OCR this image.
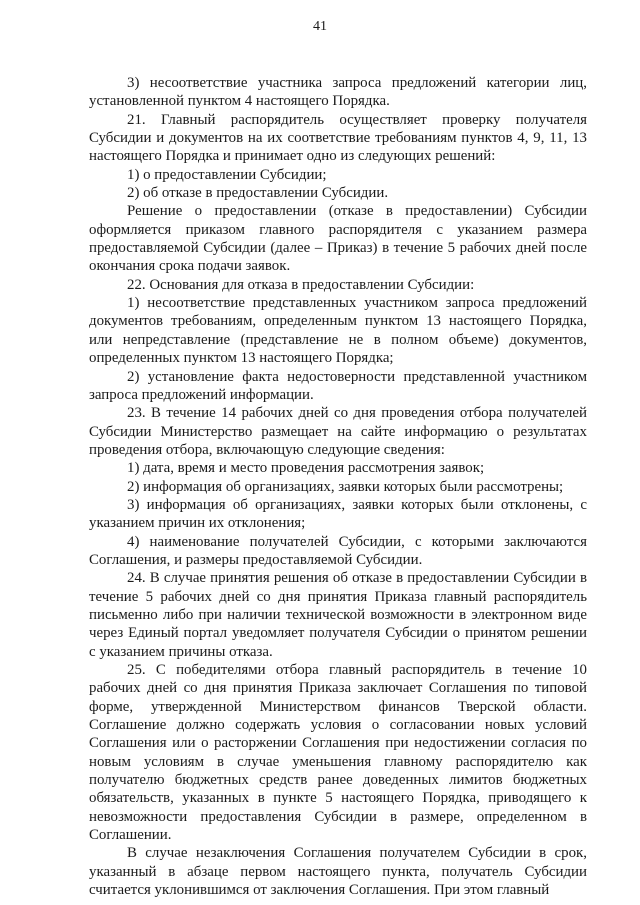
41

3) несоответствие участника запроса предложений категории лиц, установленной пунктом 4 настоящего Порядка.

21. Главный распорядитель осуществляет проверку получателя Субсидии и документов на их соответствие требованиям пунктов 4, 9, 11, 13 настоящего Порядка и принимает одно из следующих решений:

1) о предоставлении Субсидии;

2) об отказе в предоставлении Субсидии.

Решение о предоставлении (отказе в предоставлении) Субсидии оформляется приказом главного распорядителя с указанием размера предоставляемой Субсидии (далее – Приказ) в течение 5 рабочих дней после окончания срока подачи заявок.

22. Основания для отказа в предоставлении Субсидии:

1) несоответствие представленных участником запроса предложений документов требованиям, определенным пунктом 13 настоящего Порядка, или непредставление (представление не в полном объеме) документов, определенных пунктом 13 настоящего Порядка;

2) установление факта недостоверности представленной участником запроса предложений информации.

23. В течение 14 рабочих дней со дня проведения отбора получателей Субсидии Министерство размещает на сайте информацию о результатах проведения отбора, включающую следующие сведения:

1) дата, время и место проведения рассмотрения заявок;

2) информация об организациях, заявки которых были рассмотрены;

3) информация об организациях, заявки которых были отклонены, с указанием причин их отклонения;

4) наименование получателей Субсидии, с которыми заключаются Соглашения, и размеры предоставляемой Субсидии.

24. В случае принятия решения об отказе в предоставлении Субсидии в течение 5 рабочих дней со дня принятия Приказа главный распорядитель письменно либо при наличии технической возможности в электронном виде через Единый портал уведомляет получателя Субсидии о принятом решении с указанием причины отказа.

25. С победителями отбора главный распорядитель в течение 10 рабочих дней со дня принятия Приказа заключает Соглашения по типовой форме, утвержденной Министерством финансов Тверской области. Соглашение должно содержать условия о согласовании новых условий Соглашения или о расторжении Соглашения при недостижении согласия по новым условиям в случае уменьшения главному распорядителю как получателю бюджетных средств ранее доведенных лимитов бюджетных обязательств, указанных в пункте 5 настоящего Порядка, приводящего к невозможности предоставления Субсидии в размере, определенном в Соглашении.

В случае незаключения Соглашения получателем Субсидии в срок, указанный в абзаце первом настоящего пункта, получатель Субсидии считается уклонившимся от заключения Соглашения. При этом главный
